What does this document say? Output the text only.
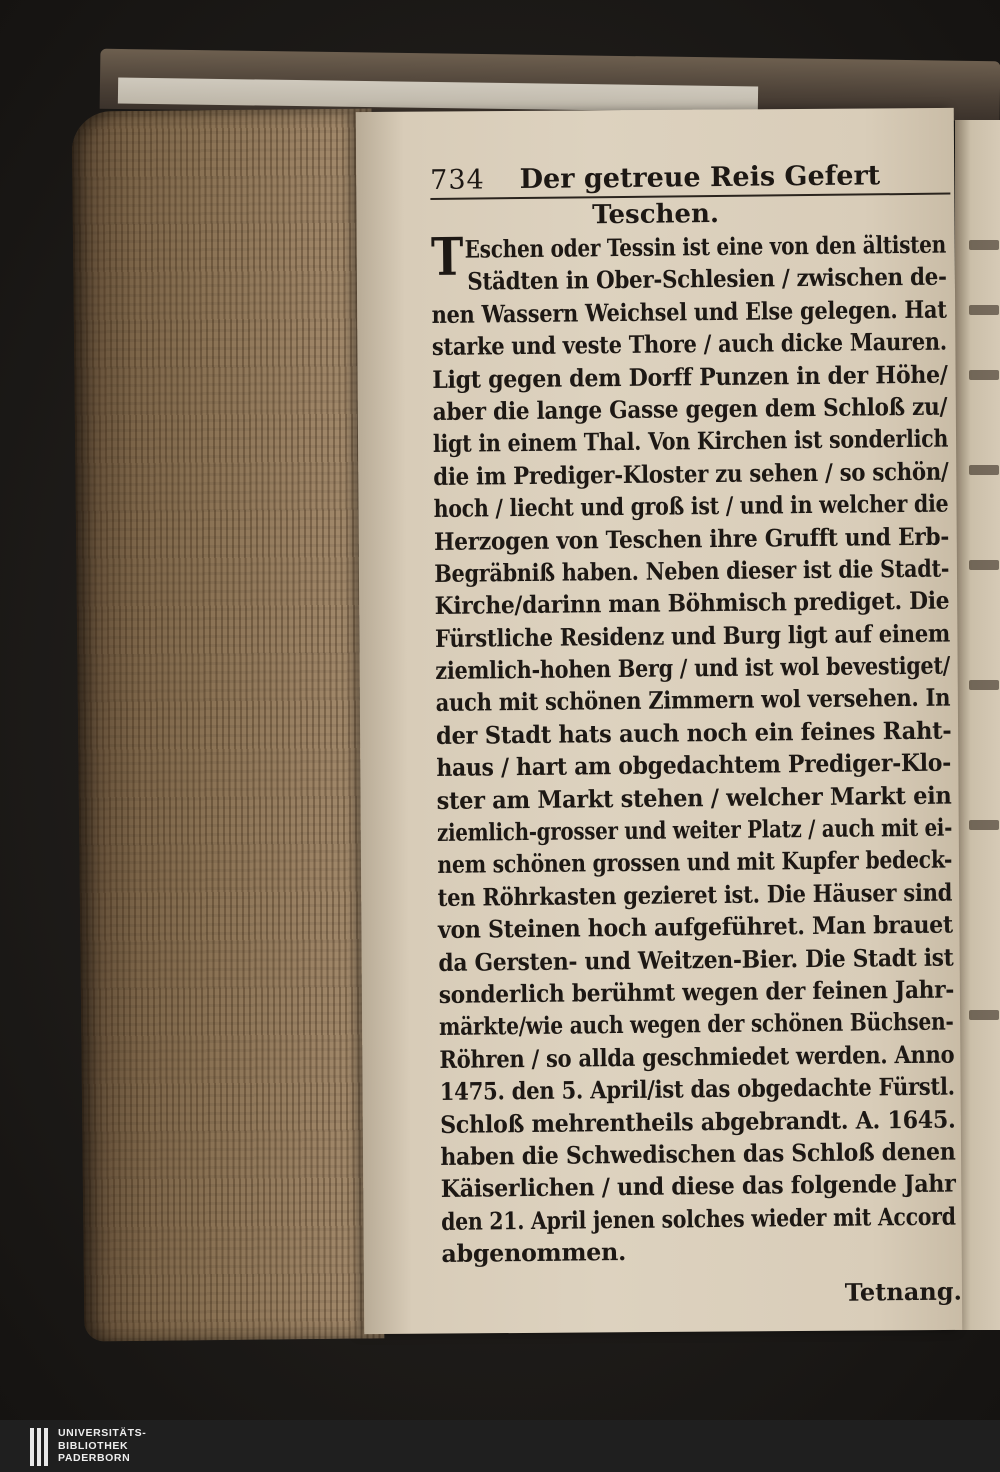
734 Der getreue Reis Gefert
Teschen.
T Eschen oder Tessin ist eine von den ältisten
Städten in Ober-Schlesien / zwischen de-
nen Wassern Weichsel und Else gelegen. Hat
starke und veste Thore / auch dicke Mauren.
Ligt gegen dem Dorff Punzen in der Höhe/
aber die lange Gasse gegen dem Schloß zu/
ligt in einem Thal. Von Kirchen ist sonderlich
die im Prediger-Kloster zu sehen / so schön/
hoch / liecht und groß ist / und in welcher die
Herzogen von Teschen ihre Grufft und Erb-
Begräbniß haben. Neben dieser ist die Stadt-
Kirche/darinn man Böhmisch prediget. Die
Fürstliche Residenz und Burg ligt auf einem
ziemlich-hohen Berg / und ist wol bevestiget/
auch mit schönen Zimmern wol versehen. In
der Stadt hats auch noch ein feines Raht-
haus / hart am obgedachtem Prediger-Klo-
ster am Markt stehen / welcher Markt ein
ziemlich-grosser und weiter Platz / auch mit ei-
nem schönen grossen und mit Kupfer bedeck-
ten Röhrkasten gezieret ist. Die Häuser sind
von Steinen hoch aufgeführet. Man brauet
da Gersten- und Weitzen-Bier. Die Stadt ist
sonderlich berühmt wegen der feinen Jahr-
märkte/wie auch wegen der schönen Büchsen-
Röhren / so allda geschmiedet werden. Anno
1475. den 5. April/ist das obgedachte Fürstl.
Schloß mehrentheils abgebrandt. A. 1645.
haben die Schwedischen das Schloß denen
Käiserlichen / und diese das folgende Jahr
den 21. April jenen solches wieder mit Accord
abgenommen.
Tetnang.
UNIVERSITÄTS-
BIBLIOTHEK
PADERBORN
